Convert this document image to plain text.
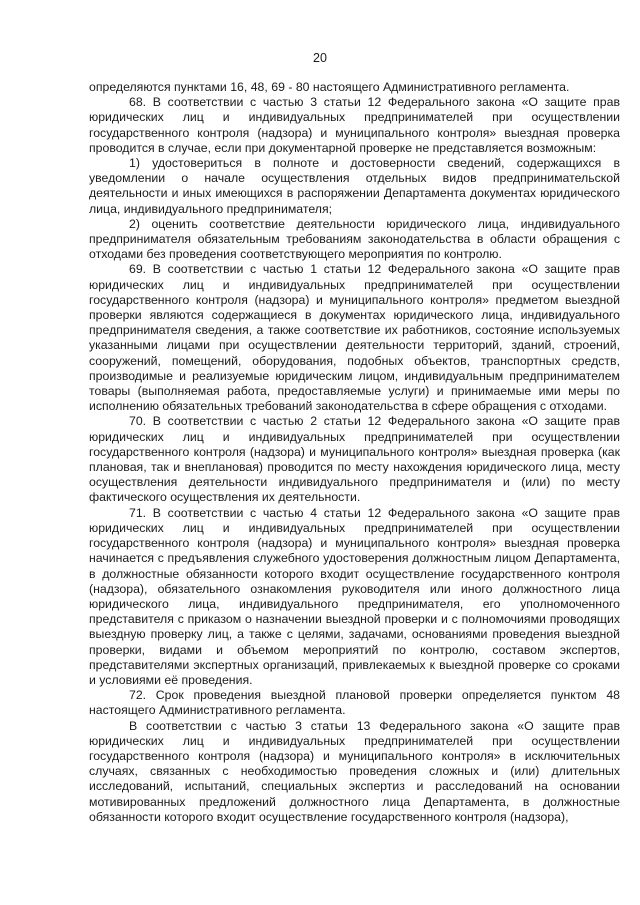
20

определяются пунктами 16, 48, 69 - 80 настоящего Административного регламента.

68. В соответствии с частью 3 статьи 12 Федерального закона «О защите прав юридических лиц и индивидуальных предпринимателей при осуществлении государственного контроля (надзора) и муниципального контроля» выездная проверка проводится в случае, если при документарной проверке не представляется возможным:

1) удостовериться в полноте и достоверности сведений, содержащихся в уведомлении о начале осуществления отдельных видов предпринимательской деятельности и иных имеющихся в распоряжении Департамента документах юридического лица, индивидуального предпринимателя;

2) оценить соответствие деятельности юридического лица, индивидуального предпринимателя обязательным требованиям законодательства в области обращения с отходами без проведения соответствующего мероприятия по контролю.

69. В соответствии с частью 1 статьи 12 Федерального закона «О защите прав юридических лиц и индивидуальных предпринимателей при осуществлении государственного контроля (надзора) и муниципального контроля» предметом выездной проверки являются содержащиеся в документах юридического лица, индивидуального предпринимателя сведения, а также соответствие их работников, состояние используемых указанными лицами при осуществлении деятельности территорий, зданий, строений, сооружений, помещений, оборудования, подобных объектов, транспортных средств, производимые и реализуемые юридическим лицом, индивидуальным предпринимателем товары (выполняемая работа, предоставляемые услуги) и принимаемые ими меры по исполнению обязательных требований законодательства в сфере обращения с отходами.

70. В соответствии с частью 2 статьи 12 Федерального закона «О защите прав юридических лиц и индивидуальных предпринимателей при осуществлении государственного контроля (надзора) и муниципального контроля» выездная проверка (как плановая, так и внеплановая) проводится по месту нахождения юридического лица, месту осуществления деятельности индивидуального предпринимателя и (или) по месту фактического осуществления их деятельности.

71. В соответствии с частью 4 статьи 12 Федерального закона «О защите прав юридических лиц и индивидуальных предпринимателей при осуществлении государственного контроля (надзора) и муниципального контроля» выездная проверка начинается с предъявления служебного удостоверения должностным лицом Департамента, в должностные обязанности которого входит осуществление государственного контроля (надзора), обязательного ознакомления руководителя или иного должностного лица юридического лица, индивидуального предпринимателя, его уполномоченного представителя с приказом о назначении выездной проверки и с полномочиями проводящих выездную проверку лиц, а также с целями, задачами, основаниями проведения выездной проверки, видами и объемом мероприятий по контролю, составом экспертов, представителями экспертных организаций, привлекаемых к выездной проверке со сроками и условиями её проведения.

72. Срок проведения выездной плановой проверки определяется пунктом 48 настоящего Административного регламента.

В соответствии с частью 3 статьи 13 Федерального закона «О защите прав юридических лиц и индивидуальных предпринимателей при осуществлении государственного контроля (надзора) и муниципального контроля» в исключительных случаях, связанных с необходимостью проведения сложных и (или) длительных исследований, испытаний, специальных экспертиз и расследований на основании мотивированных предложений должностного лица Департамента, в должностные обязанности которого входит осуществление государственного контроля (надзора),
